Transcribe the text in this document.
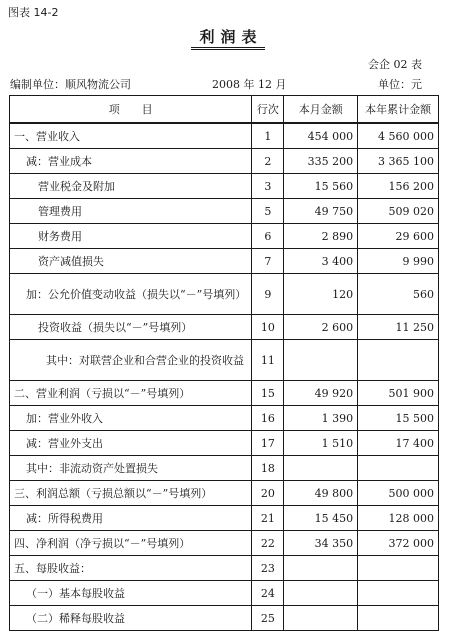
图表 14-2
利润表
会企 02 表
编制单位：顺风物流公司	2008 年 12 月	单位：元
项　　目	行次	本月金额	本年累计金额
一、营业收入	1	454 000	4 560 000
减：营业成本	2	335 200	3 365 100
营业税金及附加	3	15 560	156 200
管理费用	5	49 750	509 020
财务费用	6	2 890	29 600
资产减值损失	7	3 400	9 990
加：公允价值变动收益（损失以“－”号填列）	9	120	560
投资收益（损失以“－”号填列）	10	2 600	11 250
其中：对联营企业和合营企业的投资收益	11		
二、营业利润（亏损以“－”号填列）	15	49 920	501 900
加：营业外收入	16	1 390	15 500
减：营业外支出	17	1 510	17 400
其中：非流动资产处置损失	18		
三、利润总额（亏损总额以“－”号填列）	20	49 800	500 000
减：所得税费用	21	15 450	128 000
四、净利润（净亏损以“－”号填列）	22	34 350	372 000
五、每股收益：	23		
（一）基本每股收益	24		
（二）稀释每股收益	25		
